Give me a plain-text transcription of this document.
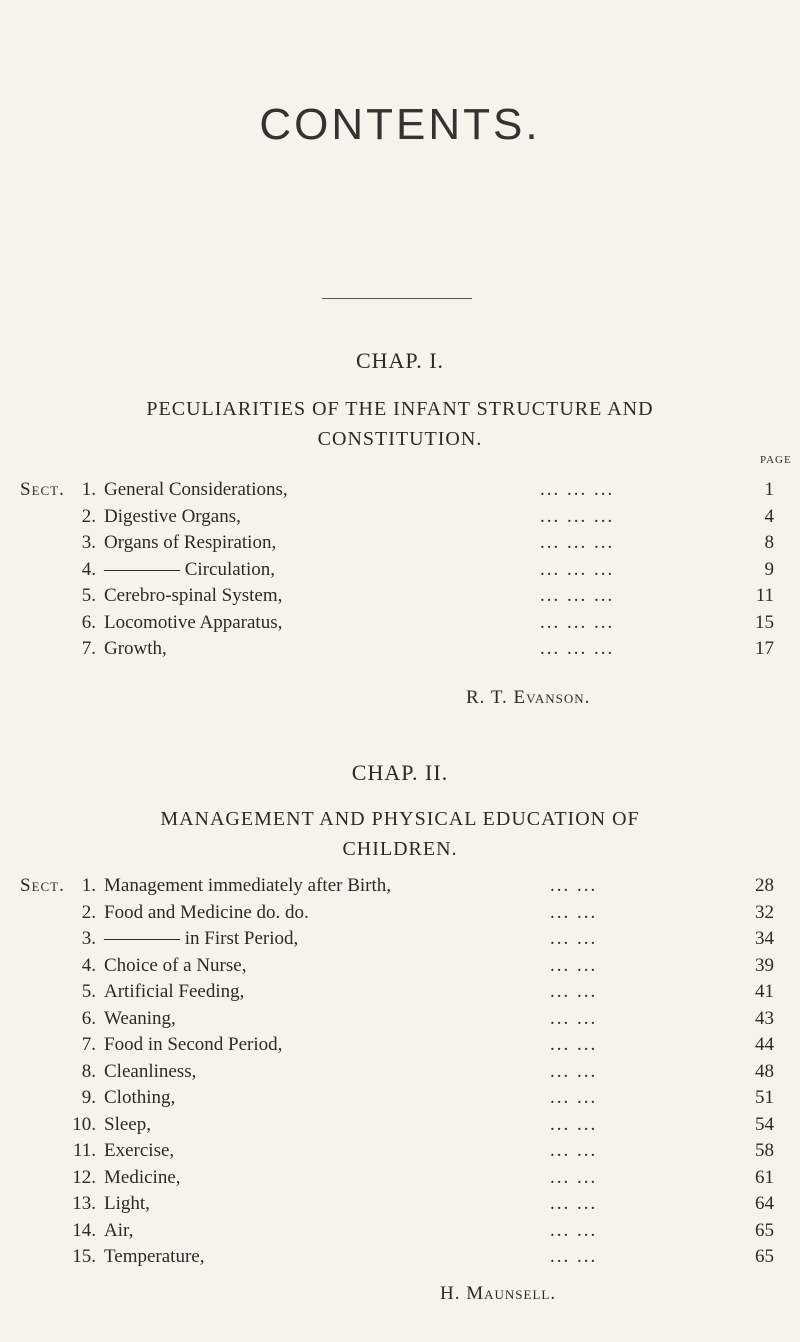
CONTENTS.
CHAP. I.
PECULIARITIES OF THE INFANT STRUCTURE AND
CONSTITUTION.
PAGE
Sect. 1. General Considerations,	... ... ...	1
2. Digestive Organs,	... ... ...	4
3. Organs of Respiration,	... ... ...	8
4. ———— Circulation,	... ... ...	9
5. Cerebro-spinal System,	... ... ...	11
6. Locomotive Apparatus,	... ... ...	15
7. Growth,	... ... ...	17
R. T. Evanson.
CHAP. II.
MANAGEMENT AND PHYSICAL EDUCATION OF
CHILDREN.
Sect. 1. Management immediately after Birth,	... ...	28
2. Food and Medicine do. do.	... ...	32
3. ———— in First Period,	... ...	34
4. Choice of a Nurse,	... ...	39
5. Artificial Feeding,	... ...	41
6. Weaning,	... ...	43
7. Food in Second Period,	... ...	44
8. Cleanliness,	... ...	48
9. Clothing,	... ...	51
10. Sleep,	... ...	54
11. Exercise,	... ...	58
12. Medicine,	... ...	61
13. Light,	... ...	64
14. Air,	... ...	65
15. Temperature,	... ...	65
H. Maunsell.
